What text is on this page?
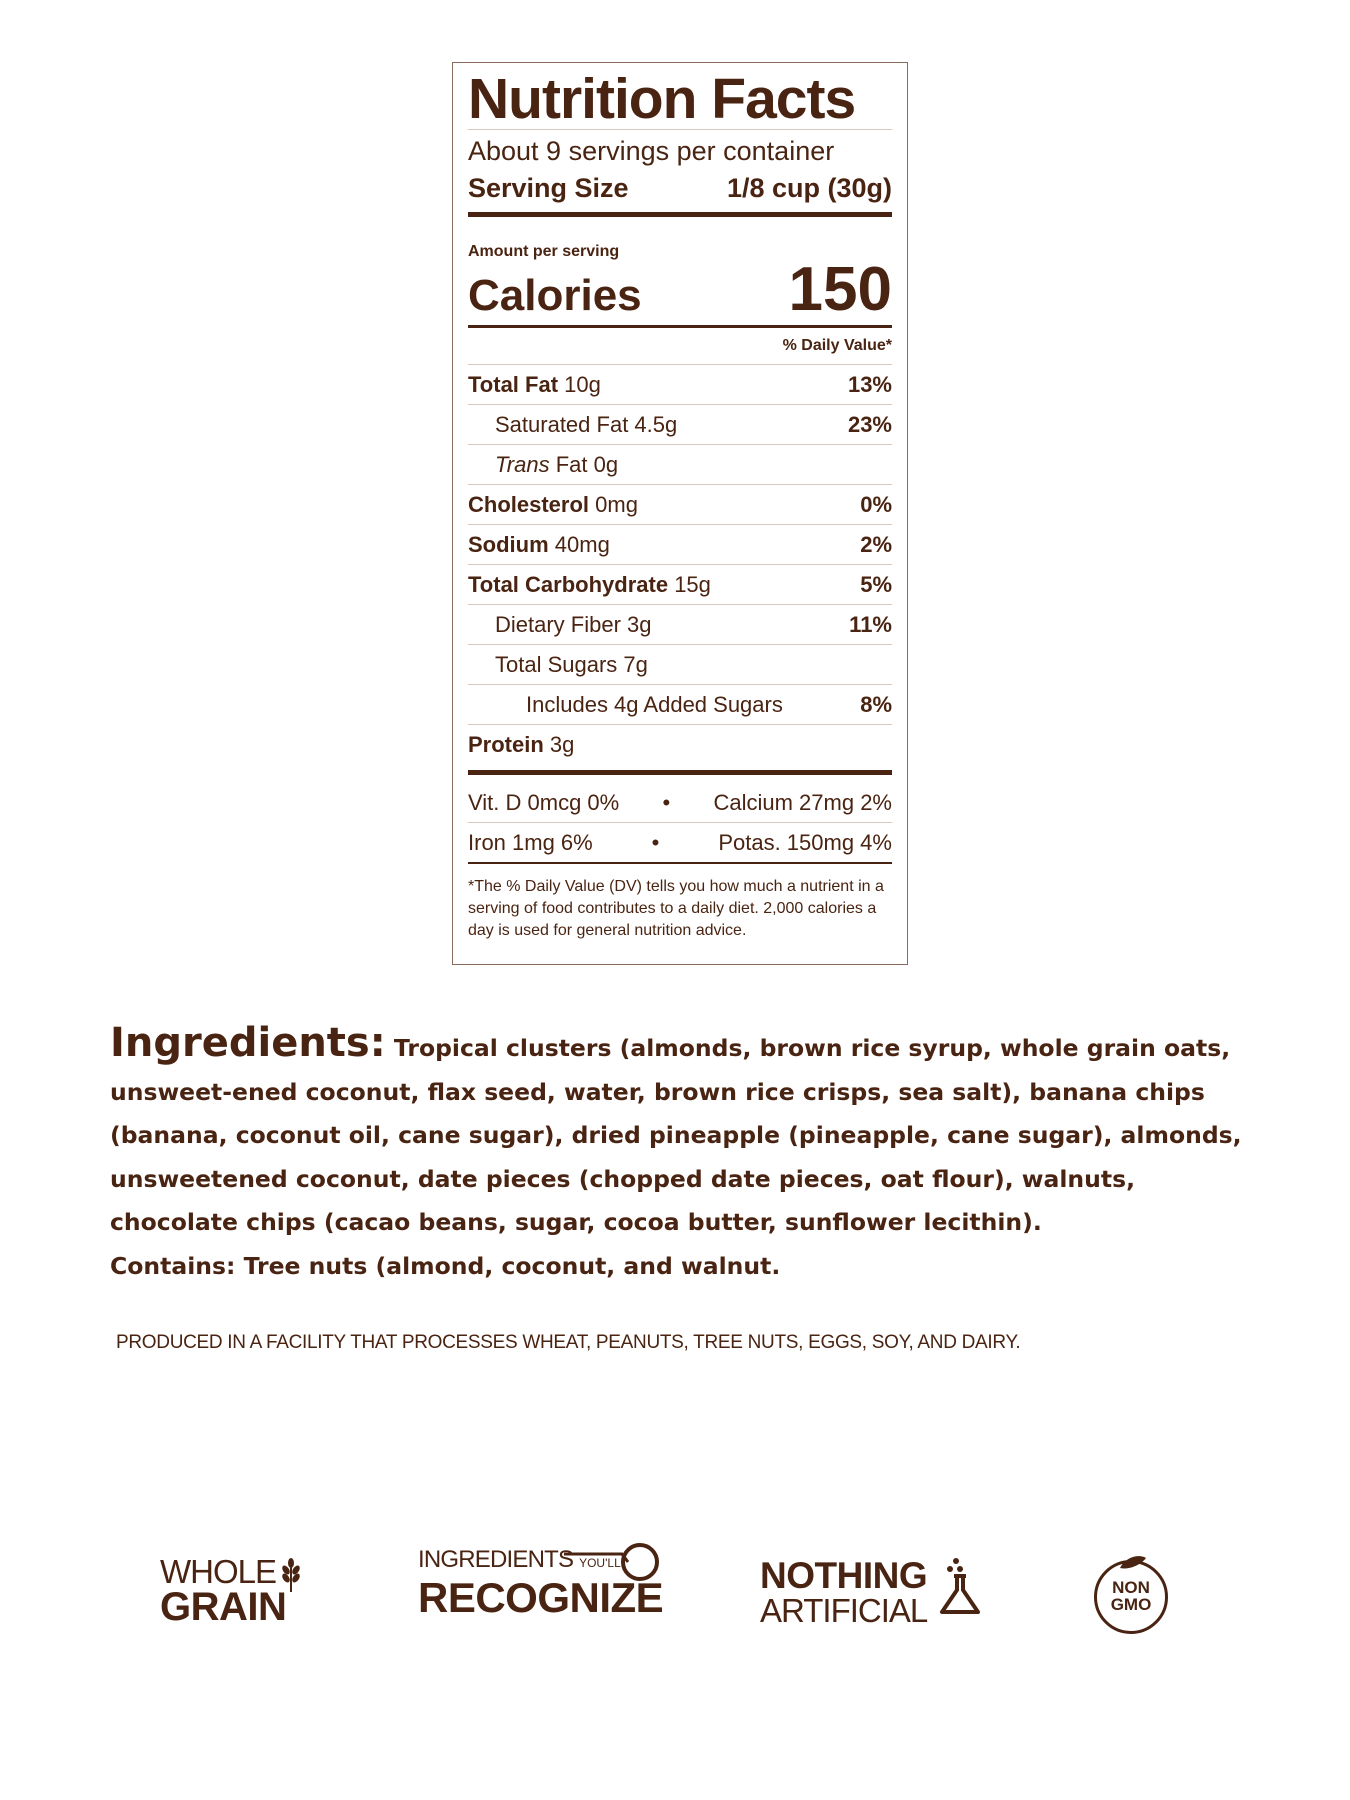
Nutrition Facts
About 9 servings per container
Serving Size	1/8 cup (30g)
Amount per serving
Calories 150
% Daily Value*
Total Fat 10g	13%
Saturated Fat 4.5g	23%
Trans Fat 0g
Cholesterol 0mg	0%
Sodium 40mg	2%
Total Carbohydrate 15g	5%
Dietary Fiber 3g	11%
Total Sugars 7g
Includes 4g Added Sugars	8%
Protein 3g
Vit. D 0mcg 0% • Calcium 27mg 2%
Iron 1mg 6%	•	Potas. 150mg 4%
*The % Daily Value (DV) tells you how much a nutrient in a serving of food contributes to a daily diet. 2,000 calories a day is used for general nutrition advice.
Ingredients: Tropical clusters (almonds, brown rice syrup, whole grain oats, unsweet-ened coconut, flax seed, water, brown rice crisps, sea salt), banana chips (banana, coconut oil, cane sugar), dried pineapple (pineapple, cane sugar), almonds, unsweetened coconut, date pieces (chopped date pieces, oat flour), walnuts, chocolate chips (cacao beans, sugar, cocoa butter, sunflower lecithin).
Contains: Tree nuts (almond, coconut, and walnut.
PRODUCED IN A FACILITY THAT PROCESSES WHEAT, PEANUTS, TREE NUTS, EGGS, SOY, AND DAIRY.
WHOLE
GRAIN
INGREDIENTS YOU'LL
RECOGNIZE	NOTHING
ARTIFICIAL
NON
GMO
